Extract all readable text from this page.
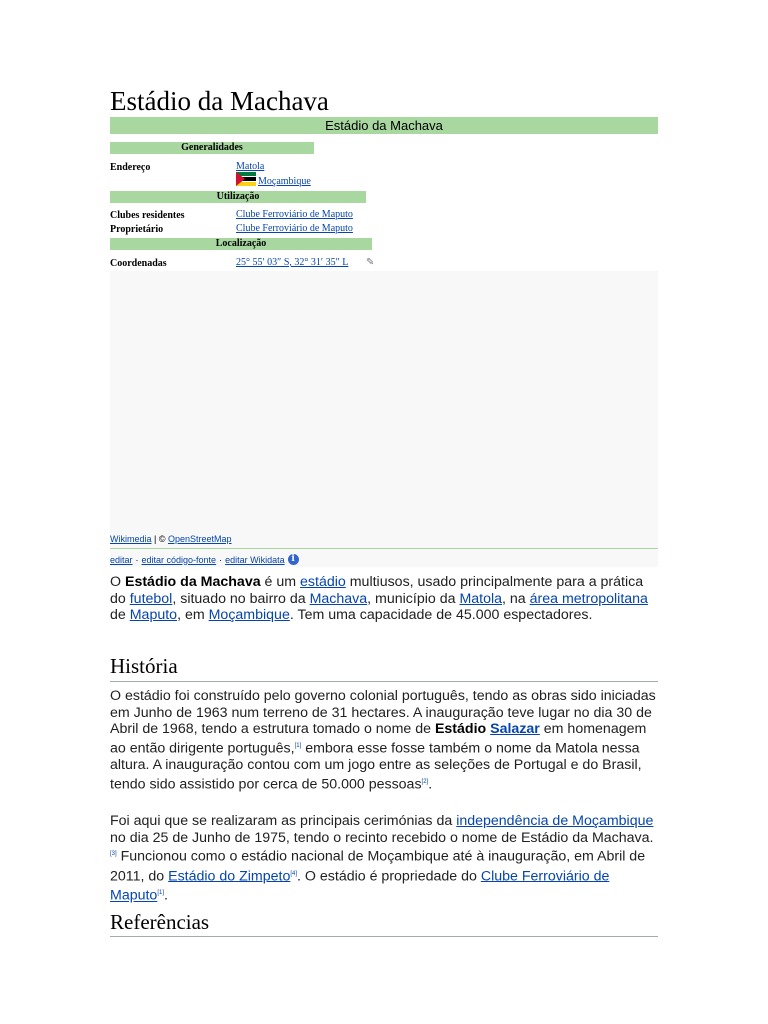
Estádio da Machava
Estádio da Machava
Generalidades
Endereço	Matola
Moçambique
Utilização
Clubes residentes	Clube Ferroviário de Maputo
Proprietário	Clube Ferroviário de Maputo
Localização
Coordenadas	25° 55′ 03″ S, 32° 31′ 35″ L ✎
Wikimedia | © OpenStreetMap
editar · editar código-fonte · editar Wikidata i
O Estádio da Machava é um estádio multiusos, usado principalmente para a prática do futebol, situado no bairro da Machava, município da Matola, na área metropolitana de Maputo, em Moçambique. Tem uma capacidade de 45.000 espectadores.
História
O estádio foi construído pelo governo colonial português, tendo as obras sido iniciadas em Junho de 1963 num terreno de 31 hectares. A inauguração teve lugar no dia 30 de Abril de 1968, tendo a estrutura tomado o nome de Estádio Salazar em homenagem ao então dirigente português,[1] embora esse fosse também o nome da Matola nessa altura. A inauguração contou com um jogo entre as seleções de Portugal e do Brasil, tendo sido assistido por cerca de 50.000 pessoas[2].
Foi aqui que se realizaram as principais cerimónias da independência de Moçambique no dia 25 de Junho de 1975, tendo o recinto recebido o nome de Estádio da Machava.[3] Funcionou como o estádio nacional de Moçambique até à inauguração, em Abril de 2011, do Estádio do Zimpeto[4]. O estádio é propriedade do Clube Ferroviário de Maputo[1].
Referências
